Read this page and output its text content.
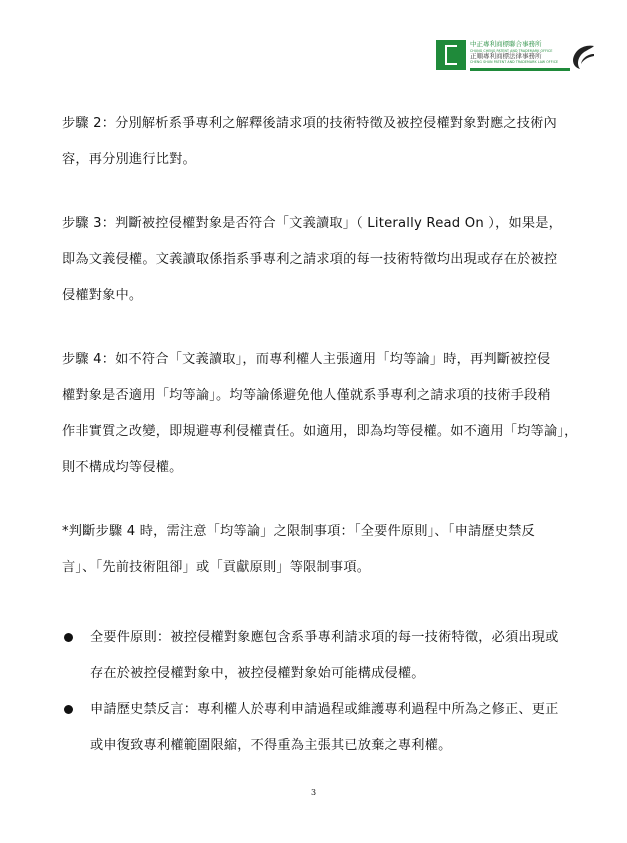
中正專利商標聯合事務所
CHUNG CHENG PATENT AND TRADEMARK OFFICE
正順專利商標法律事務所
CHENG SHUN PATENT AND TRADEMARK LAW OFFICE

步驟 2：分別解析系爭專利之解釋後請求項的技術特徵及被控侵權對象對應之技術內
容，再分別進行比對。

步驟 3：判斷被控侵權對象是否符合「文義讀取」（ Literally Read On ），如果是，
即為文義侵權。文義讀取係指系爭專利之請求項的每一技術特徵均出現或存在於被控
侵權對象中。

步驟 4：如不符合「文義讀取」，而專利權人主張適用「均等論」時，再判斷被控侵
權對象是否適用「均等論」。均等論係避免他人僅就系爭專利之請求項的技術手段稍
作非實質之改變，即規避專利侵權責任。如適用，即為均等侵權。如不適用「均等論」，
則不構成均等侵權。

*判斷步驟 4 時，需注意「均等論」之限制事項：「全要件原則」、「申請歷史禁反
言」、「先前技術阻卻」或「貢獻原則」等限制事項。

全要件原則：被控侵權對象應包含系爭專利請求項的每一技術特徵，必須出現或
存在於被控侵權對象中，被控侵權對象始可能構成侵權。
申請歷史禁反言：專利權人於專利申請過程或維護專利過程中所為之修正、更正
或申復致專利權範圍限縮，不得重為主張其已放棄之專利權。
3
